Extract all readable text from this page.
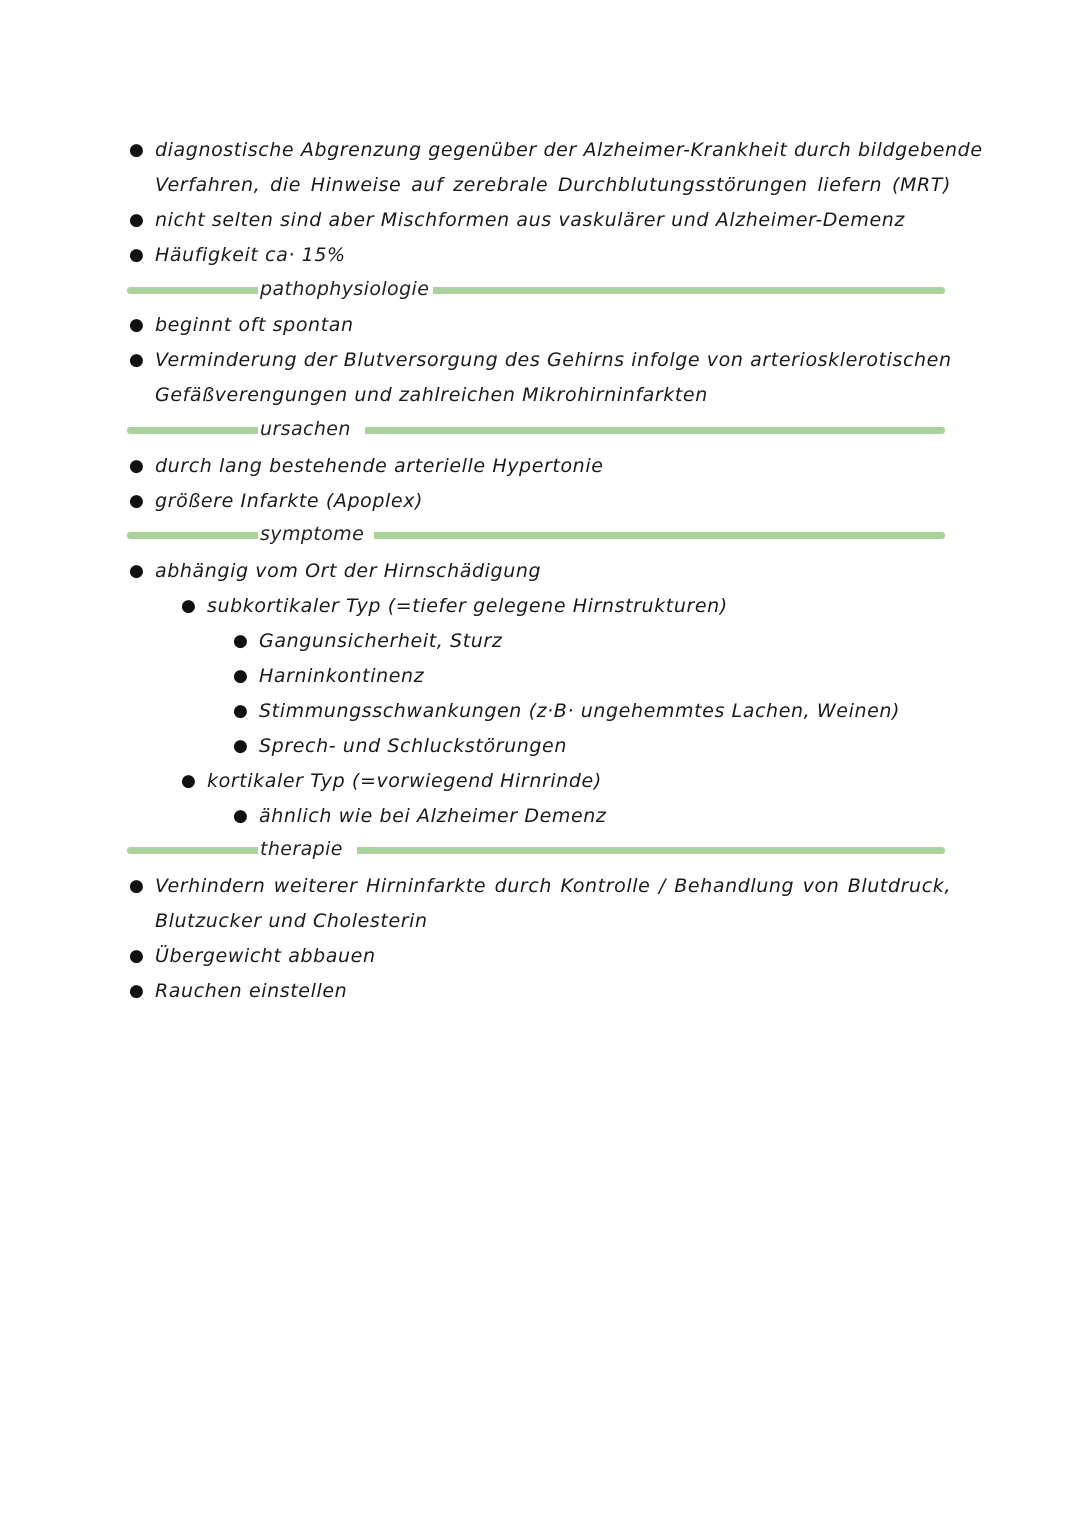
● diagnostische Abgrenzung gegenüber der Alzheimer-Krankheit durch bildgebende
Verfahren, die Hinweise auf zerebrale Durchblutungsstörungen liefern (MRT)
● nicht selten sind aber Mischformen aus vaskulärer und Alzheimer-Demenz
● Häufigkeit ca· 15%
pathophysiologie
● beginnt oft spontan
● Verminderung der Blutversorgung des Gehirns infolge von arteriosklerotischen
Gefäßverengungen und zahlreichen Mikrohirninfarkten
ursachen
● durch lang bestehende arterielle Hypertonie
● größere Infarkte (Apoplex)
symptome
● abhängig vom Ort der Hirnschädigung
● subkortikaler Typ (=tiefer gelegene Hirnstrukturen)
● Gangunsicherheit, Sturz
● Harninkontinenz
● Stimmungsschwankungen (z·B· ungehemmtes Lachen, Weinen)
● Sprech- und Schluckstörungen
● kortikaler Typ (=vorwiegend Hirnrinde)
● ähnlich wie bei Alzheimer Demenz
therapie
● Verhindern weiterer Hirninfarkte durch Kontrolle / Behandlung von Blutdruck,
Blutzucker und Cholesterin
● Übergewicht abbauen
● Rauchen einstellen
